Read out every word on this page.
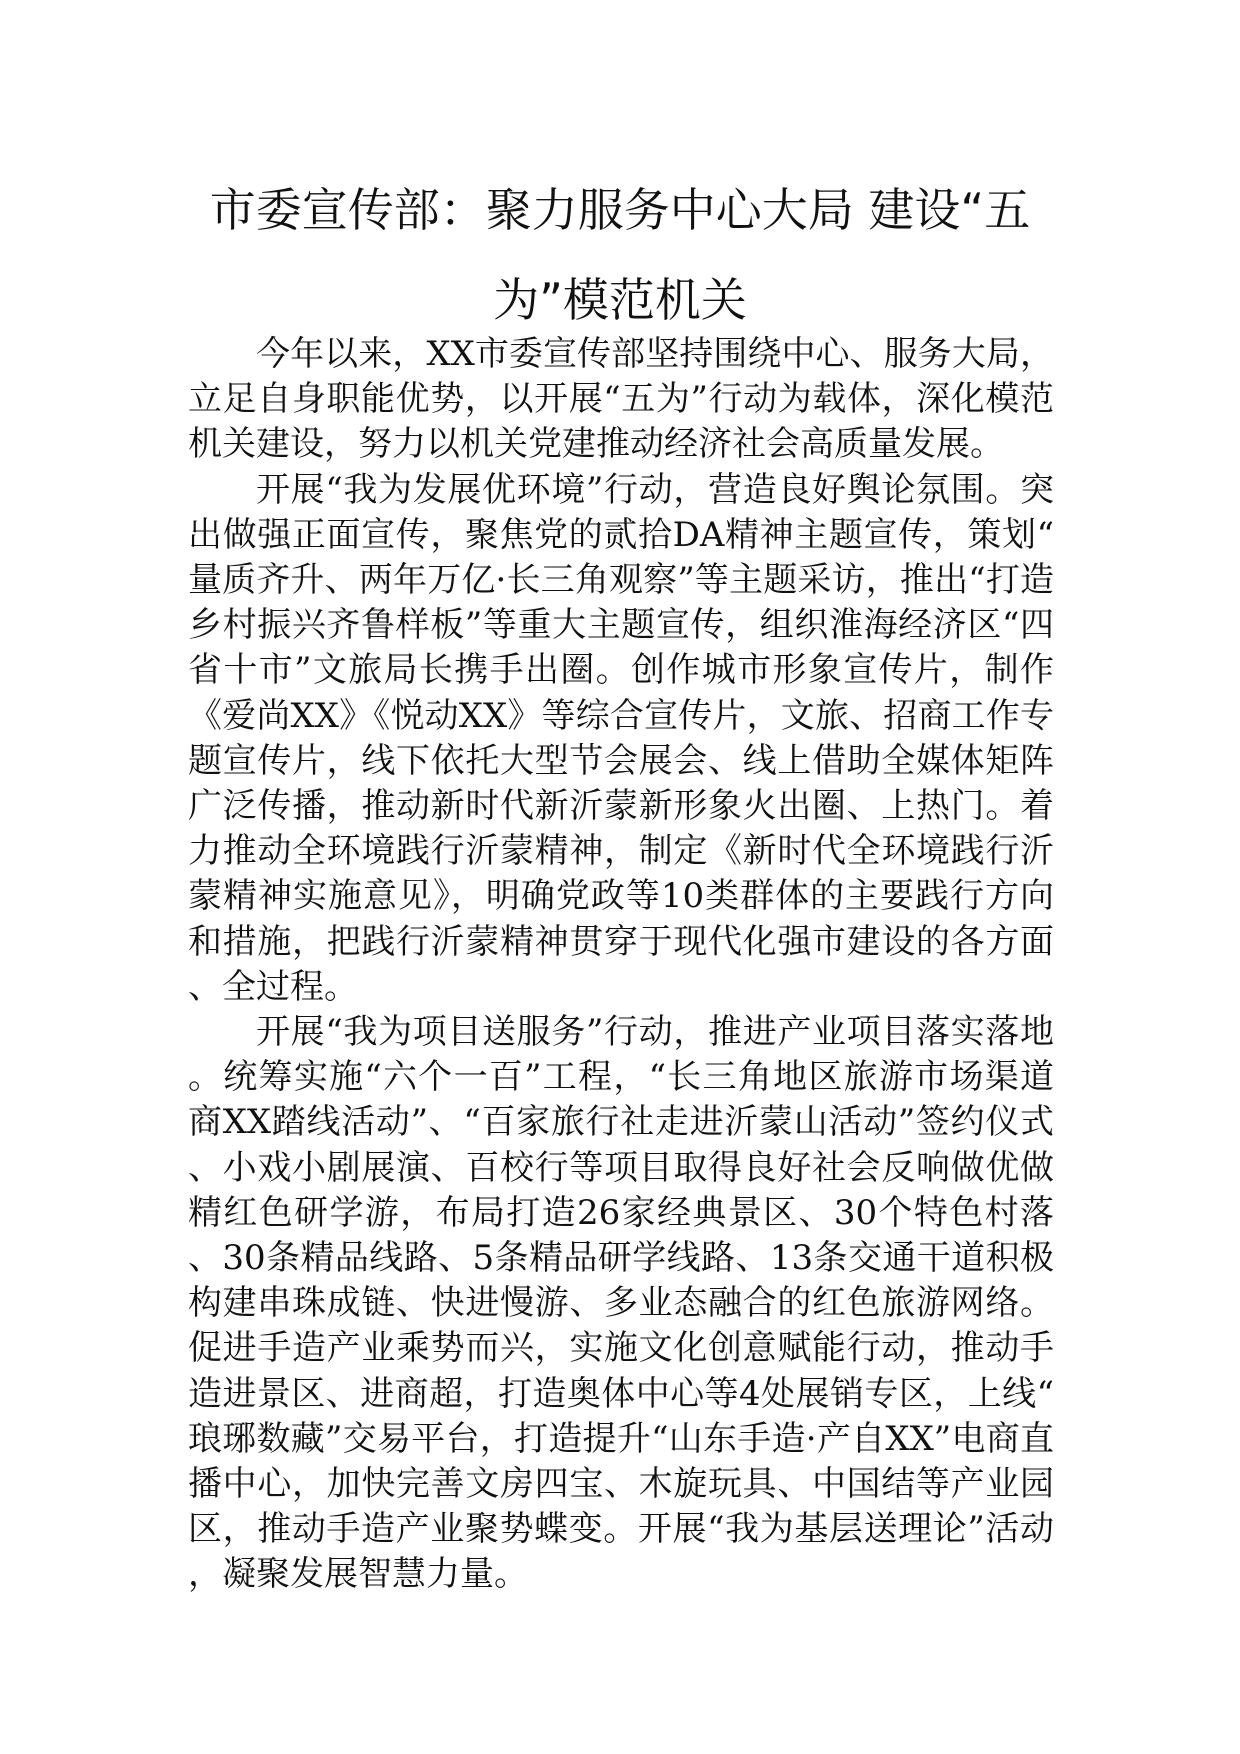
市委宣传部：聚力服务中心大局 建设“五为”模范机关

今年以来，XX市委宣传部坚持围绕中心、服务大局，立足自身职能优势，以开展“五为”行动为载体，深化模范机关建设，努力以机关党建推动经济社会高质量发展。

开展“我为发展优环境”行动，营造良好舆论氛围。突出做强正面宣传，聚焦党的贰拾DA精神主题宣传，策划“量质齐升、两年万亿·长三角观察”等主题采访，推出“打造乡村振兴齐鲁样板”等重大主题宣传，组织淮海经济区“四省十市”文旅局长携手出圈。创作城市形象宣传片，制作《爱尚XX》《悦动XX》等综合宣传片，文旅、招商工作专题宣传片，线下依托大型节会展会、线上借助全媒体矩阵广泛传播，推动新时代新沂蒙新形象火出圈、上热门。着力推动全环境践行沂蒙精神，制定《新时代全环境践行沂蒙精神实施意见》，明确党政等10类群体的主要践行方向和措施，把践行沂蒙精神贯穿于现代化强市建设的各方面、全过程。

开展“我为项目送服务”行动，推进产业项目落实落地。统筹实施“六个一百”工程，“长三角地区旅游市场渠道商XX踏线活动”、“百家旅行社走进沂蒙山活动”签约仪式、小戏小剧展演、百校行等项目取得良好社会反响做优做精红色研学游，布局打造26家经典景区、30个特色村落、30条精品线路、5条精品研学线路、13条交通干道积极构建串珠成链、快进慢游、多业态融合的红色旅游网络。促进手造产业乘势而兴，实施文化创意赋能行动，推动手造进景区、进商超，打造奥体中心等4处展销专区，上线“琅琊数藏”交易平台，打造提升“山东手造·产自XX”电商直播中心，加快完善文房四宝、木旋玩具、中国结等产业园区，推动手造产业聚势蝶变。开展“我为基层送理论”活动，凝聚发展智慧力量。
